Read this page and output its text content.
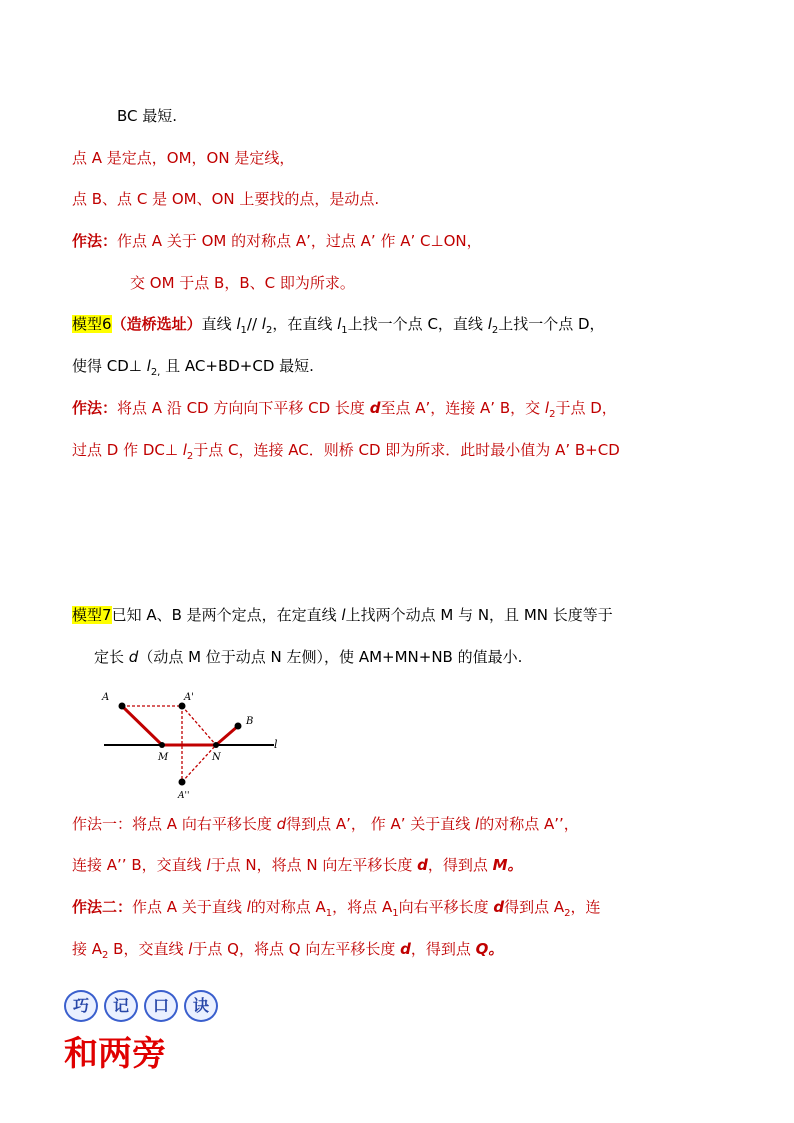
BC 最短.
点 A 是定点，OM，ON 是定线，
点 B、点 C 是 OM、ON 上要找的点，是动点.
作法：作点 A 关于 OM 的对称点 A’，过点 A’ 作 A’ C⊥ON，
交 OM 于点 B，B、C 即为所求。
模型6（造桥选址）直线 $l_1//$ $l_2$，在直线 $l_1$上找一个点 C，直线 $l_2$上找一个点 D，
使得 CD⊥ $l_{2,}$ 且 AC+BD+CD 最短.
作法：将点 A 沿 CD 方向向下平移 CD 长度 d至点 A’，连接 A’ B，交 $l_2$于点 D，
过点 D 作 DC⊥ $l_2$于点 C，连接 AC．则桥 CD 即为所求．此时最小值为 A’ B+CD
模型7已知 A、B 是两个定点，在定直线 l上找两个动点 M 与 N，且 MN 长度等于
定长 d（动点 M 位于动点 N 左侧），使 AM+MN+NB 的值最小.
A	A'
B
M	N
A''
l
作法一：将点 A 向右平移长度 d得到点 A’， 作 A’ 关于直线 l的对称点 A’’，
连接 A’’ B，交直线 l于点 N，将点 N 向左平移长度 d，得到点 M。
作法二：作点 A 关于直线 l的对称点 $A_1$，将点 $A_1$向右平移长度 d得到点 $A_2$，连
接 $A_2$ B，交直线 l于点 Q，将点 Q 向左平移长度 d，得到点 Q。
巧 记 口 诀
和两旁
